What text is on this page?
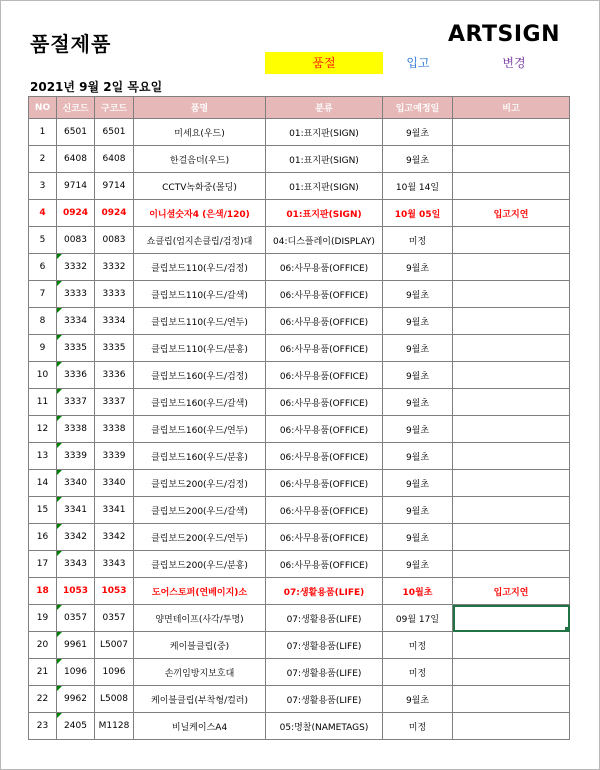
품절제품	ARTSIGN
품절	입고	변경
2021년 9월 2일 목요일
NO	신코드	구코드	품명	분류	입고예정일	비고
1	6501	6501	미세요(우드)	01:표지판(SIGN)	9월초	
2	6408	6408	한걸음더(우드)	01:표지판(SIGN)	9월초	
3	9714	9714	CCTV녹화중(몰딩)	01:표지판(SIGN)	10월 14일	
4	0924	0924	이니셜숫자4 (은색/120)	01:표지판(SIGN)	10월 05일	입고지연
5	0083	0083	쇼클립(엄지손클립/검정)대	04:디스플레이(DISPLAY)	미정	
6	3332	3332	클립보드110(우드/검정)	06:사무용품(OFFICE)	9월초	
7	3333	3333	클립보드110(우드/갈색)	06:사무용품(OFFICE)	9월초	
8	3334	3334	클립보드110(우드/연두)	06:사무용품(OFFICE)	9월초	
9	3335	3335	클립보드110(우드/분홍)	06:사무용품(OFFICE)	9월초	
10	3336	3336	클립보드160(우드/검정)	06:사무용품(OFFICE)	9월초	
11	3337	3337	클립보드160(우드/갈색)	06:사무용품(OFFICE)	9월초	
12	3338	3338	클립보드160(우드/연두)	06:사무용품(OFFICE)	9월초	
13	3339	3339	클립보드160(우드/분홍)	06:사무용품(OFFICE)	9월초	
14	3340	3340	클립보드200(우드/검정)	06:사무용품(OFFICE)	9월초	
15	3341	3341	클립보드200(우드/갈색)	06:사무용품(OFFICE)	9월초	
16	3342	3342	클립보드200(우드/연두)	06:사무용품(OFFICE)	9월초	
17	3343	3343	클립보드200(우드/분홍)	06:사무용품(OFFICE)	9월초	
18	1053	1053	도어스토퍼(연베이지)소	07:생활용품(LIFE)	10월초	입고지연
19	0357	0357	양면테이프(사각/투명)	07:생활용품(LIFE)	09월 17일	

20	9961	L5007	케이블클립(중)	07:생활용품(LIFE)	미정	
21	1096	1096	손끼임방지보호대	07:생활용품(LIFE)	미정	
22	9962	L5008	케이블클립(부착형/컬러)	07:생활용품(LIFE)	9월초	
23	2405	M1128	비닐케이스A4	05:명찰(NAMETAGS)	미정	
